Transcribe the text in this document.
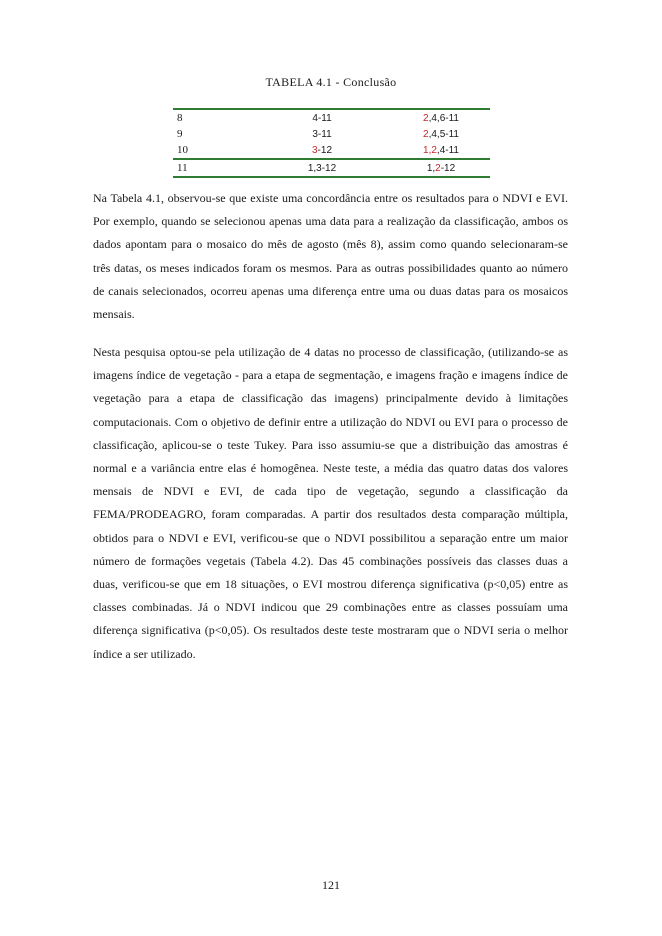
TABELA 4.1 - Conclusão
8	4-11	2,4,6-11
9	3-11	2,4,5-11
10	3-12	1,2,4-11
11	1,3-12	1,2-12

Na Tabela 4.1, observou-se que existe uma concordância entre os resultados para o NDVI e EVI. Por exemplo, quando se selecionou apenas uma data para a realização da classificação, ambos os dados apontam para o mosaico do mês de agosto (mês 8), assim como quando selecionaram-se três datas, os meses indicados foram os mesmos. Para as outras possibilidades quanto ao número de canais selecionados, ocorreu apenas uma diferença entre uma ou duas datas para os mosaicos mensais.

Nesta pesquisa optou-se pela utilização de 4 datas no processo de classificação, (utilizando-se as imagens índice de vegetação - para a etapa de segmentação, e imagens fração e imagens índice de vegetação para a etapa de classificação das imagens) principalmente devido à limitações computacionais. Com o objetivo de definir entre a utilização do NDVI ou EVI para o processo de classificação, aplicou-se o teste Tukey. Para isso assumiu-se que a distribuição das amostras é normal e a variância entre elas é homogênea. Neste teste, a média das quatro datas dos valores mensais de NDVI e EVI, de cada tipo de vegetação, segundo a classificação da FEMA/PRODEAGRO, foram comparadas. A partir dos resultados desta comparação múltipla, obtidos para o NDVI e EVI, verificou-se que o NDVI possibilitou a separação entre um maior número de formações vegetais (Tabela 4.2). Das 45 combinações possíveis das classes duas a duas, verificou-se que em 18 situações, o EVI mostrou diferença significativa (p<0,05) entre as classes combinadas. Já o NDVI indicou que 29 combinações entre as classes possuíam uma diferença significativa (p<0,05). Os resultados deste teste mostraram que o NDVI seria o melhor índice a ser utilizado.

121
